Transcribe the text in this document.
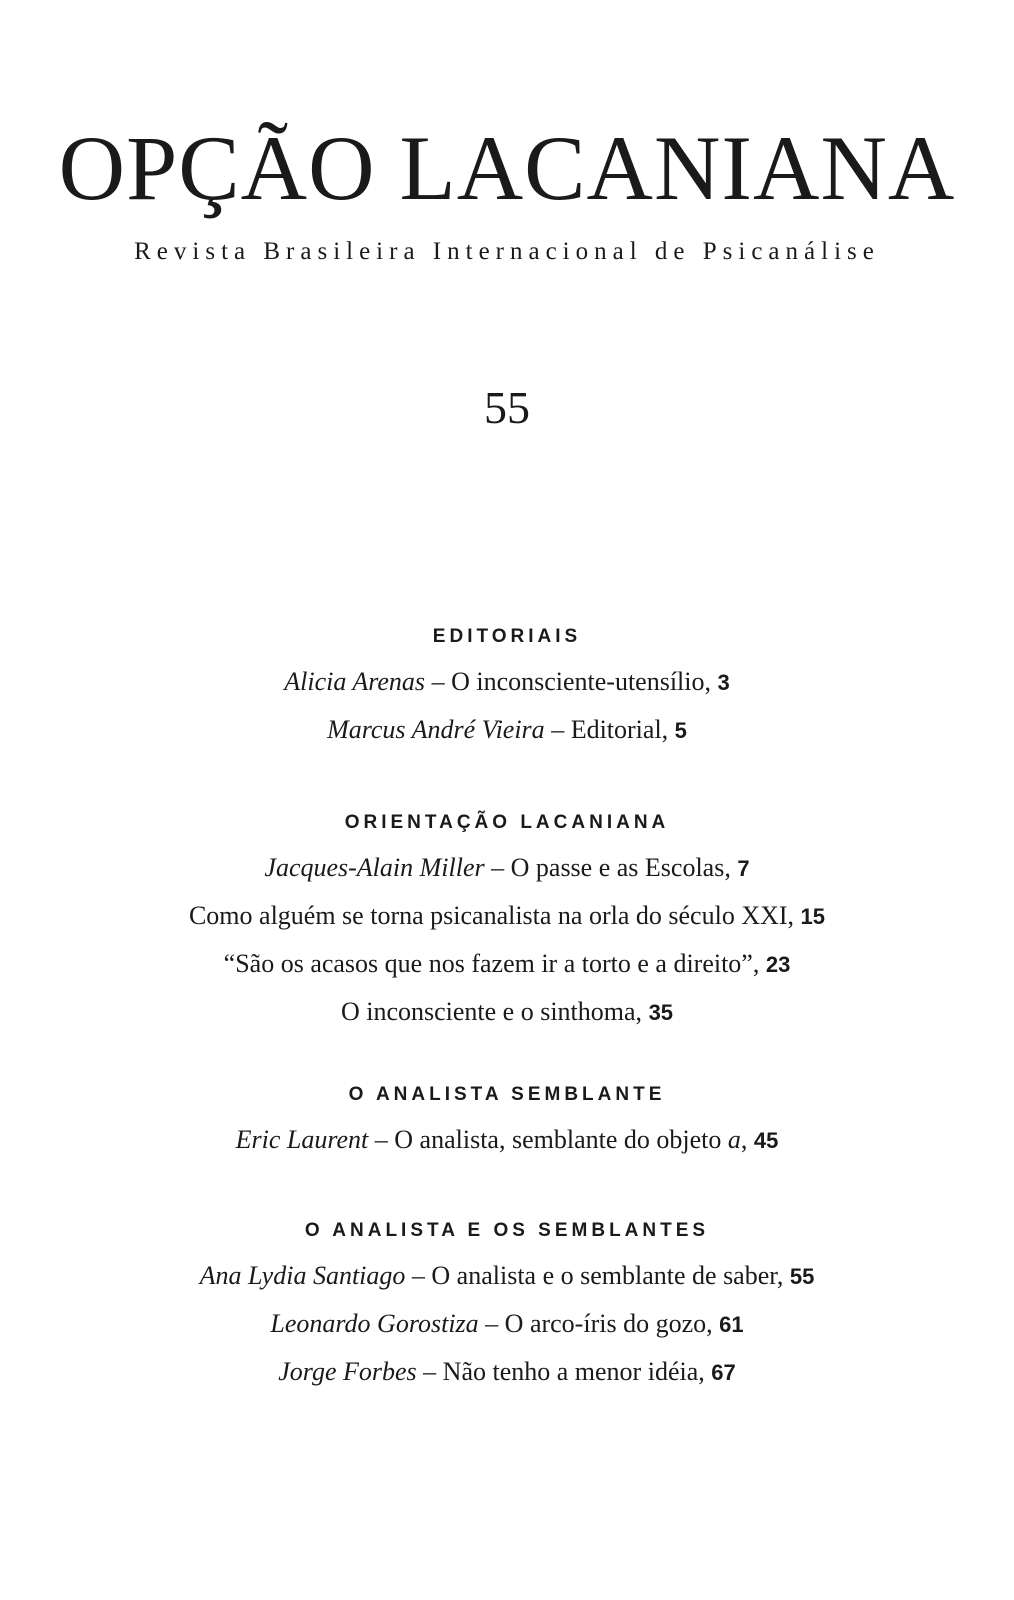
OPÇÃO LACANIANA
Revista Brasileira Internacional de Psicanálise
55
EDITORIAIS
Alicia Arenas – O inconsciente-utensílio, 3
Marcus André Vieira – Editorial, 5
ORIENTAÇÃO LACANIANA
Jacques-Alain Miller – O passe e as Escolas, 7
Como alguém se torna psicanalista na orla do século XXI, 15
“São os acasos que nos fazem ir a torto e a direito”, 23
O inconsciente e o sinthoma, 35
O ANALISTA SEMBLANTE
Eric Laurent – O analista, semblante do objeto a, 45
O ANALISTA E OS SEMBLANTES
Ana Lydia Santiago – O analista e o semblante de saber, 55
Leonardo Gorostiza – O arco-íris do gozo, 61
Jorge Forbes – Não tenho a menor idéia, 67
